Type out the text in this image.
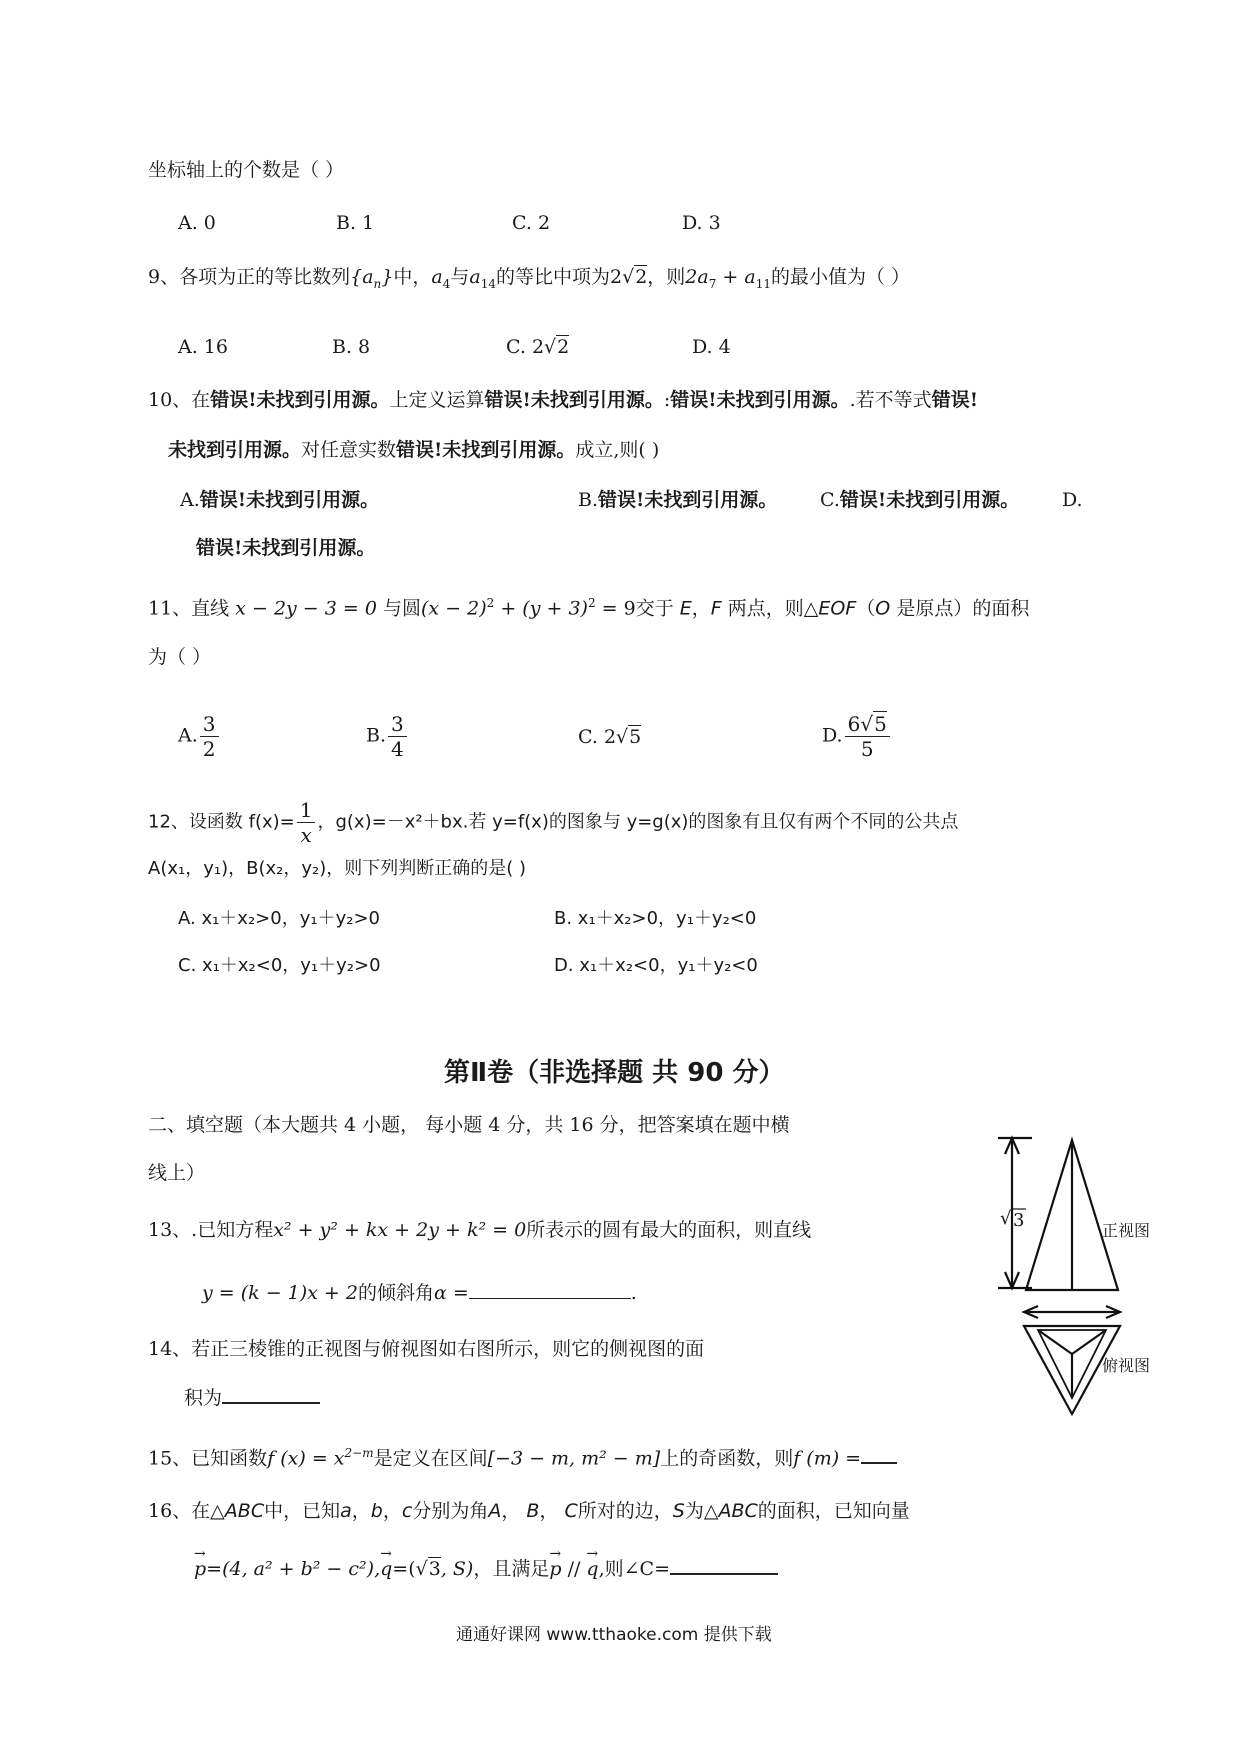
坐标轴上的个数是（ ）
A. 0	B. 1	C. 2	D. 3
9、各项为正的等比数列$\{a_n\}$中，$a_4$与$a_{14}$的等比中项为2√2，则$2a_7 + a_{11}$的最小值为（ ）
A. 16	B. 8	C. 2√2	D. 4
10、在错误!未找到引用源。上定义运算错误!未找到引用源。:错误!未找到引用源。.若不等式错误!
未找到引用源。对任意实数错误!未找到引用源。成立,则( )
A.错误!未找到引用源。	B.错误!未找到引用源。 C.错误!未找到引用源。 D.
错误!未找到引用源。
11、直线 x − 2y − 3 = 0 与圆$(x - 2)^2 + (y + 3)^2 = 9$交于 E，F 两点，则△EOF（O 是原点）的面积
为（ ）
A. $\frac{3}{2}$	B. $\frac{3}{4}$	C. 2√5	D. $\frac{6√5}{5}$
12、设函数 $f(x)= \frac{1}{x}$ ，g(x)=－x²＋bx.若 y=f(x)的图象与 y=g(x)的图象有且仅有两个不同的公共点
A(x₁，y₁)，B(x₂，y₂)，则下列判断正确的是( )
A. x₁＋x₂>0，y₁＋y₂>0	B. x₁＋x₂>0，y₁＋y₂<0
C. x₁＋x₂<0，y₁＋y₂>0	D. x₁＋x₂<0，y₁＋y₂<0
第Ⅱ卷（非选择题 共 90 分）
二、填空题（本大题共 4 小题， 每小题 4 分，共 16 分，把答案填在题中横
线上）
13、.已知方程x² + y² + kx + 2y + k² = 0所表示的圆有最大的面积，则直线
y = (k − 1)x + 2的倾斜角α =	.
14、若正三棱锥的正视图与俯视图如右图所示，则它的侧视图的面
积为
15、已知函数f $(x) = x^{2-m}$是定义在区间[−3 − m, m² − m]上的奇函数，则f (m) =
16、在△ABC中，已知a，b，c分别为角A， B， C所对的边，S为△ABC的面积，已知向量
→ p=(4, a² + b² − c²),→ q=(√3, S)，且满足→ p // → q,则∠C=
√ 3	正视图
俯视图
通通好课网 www.tthaoke.com 提供下载
